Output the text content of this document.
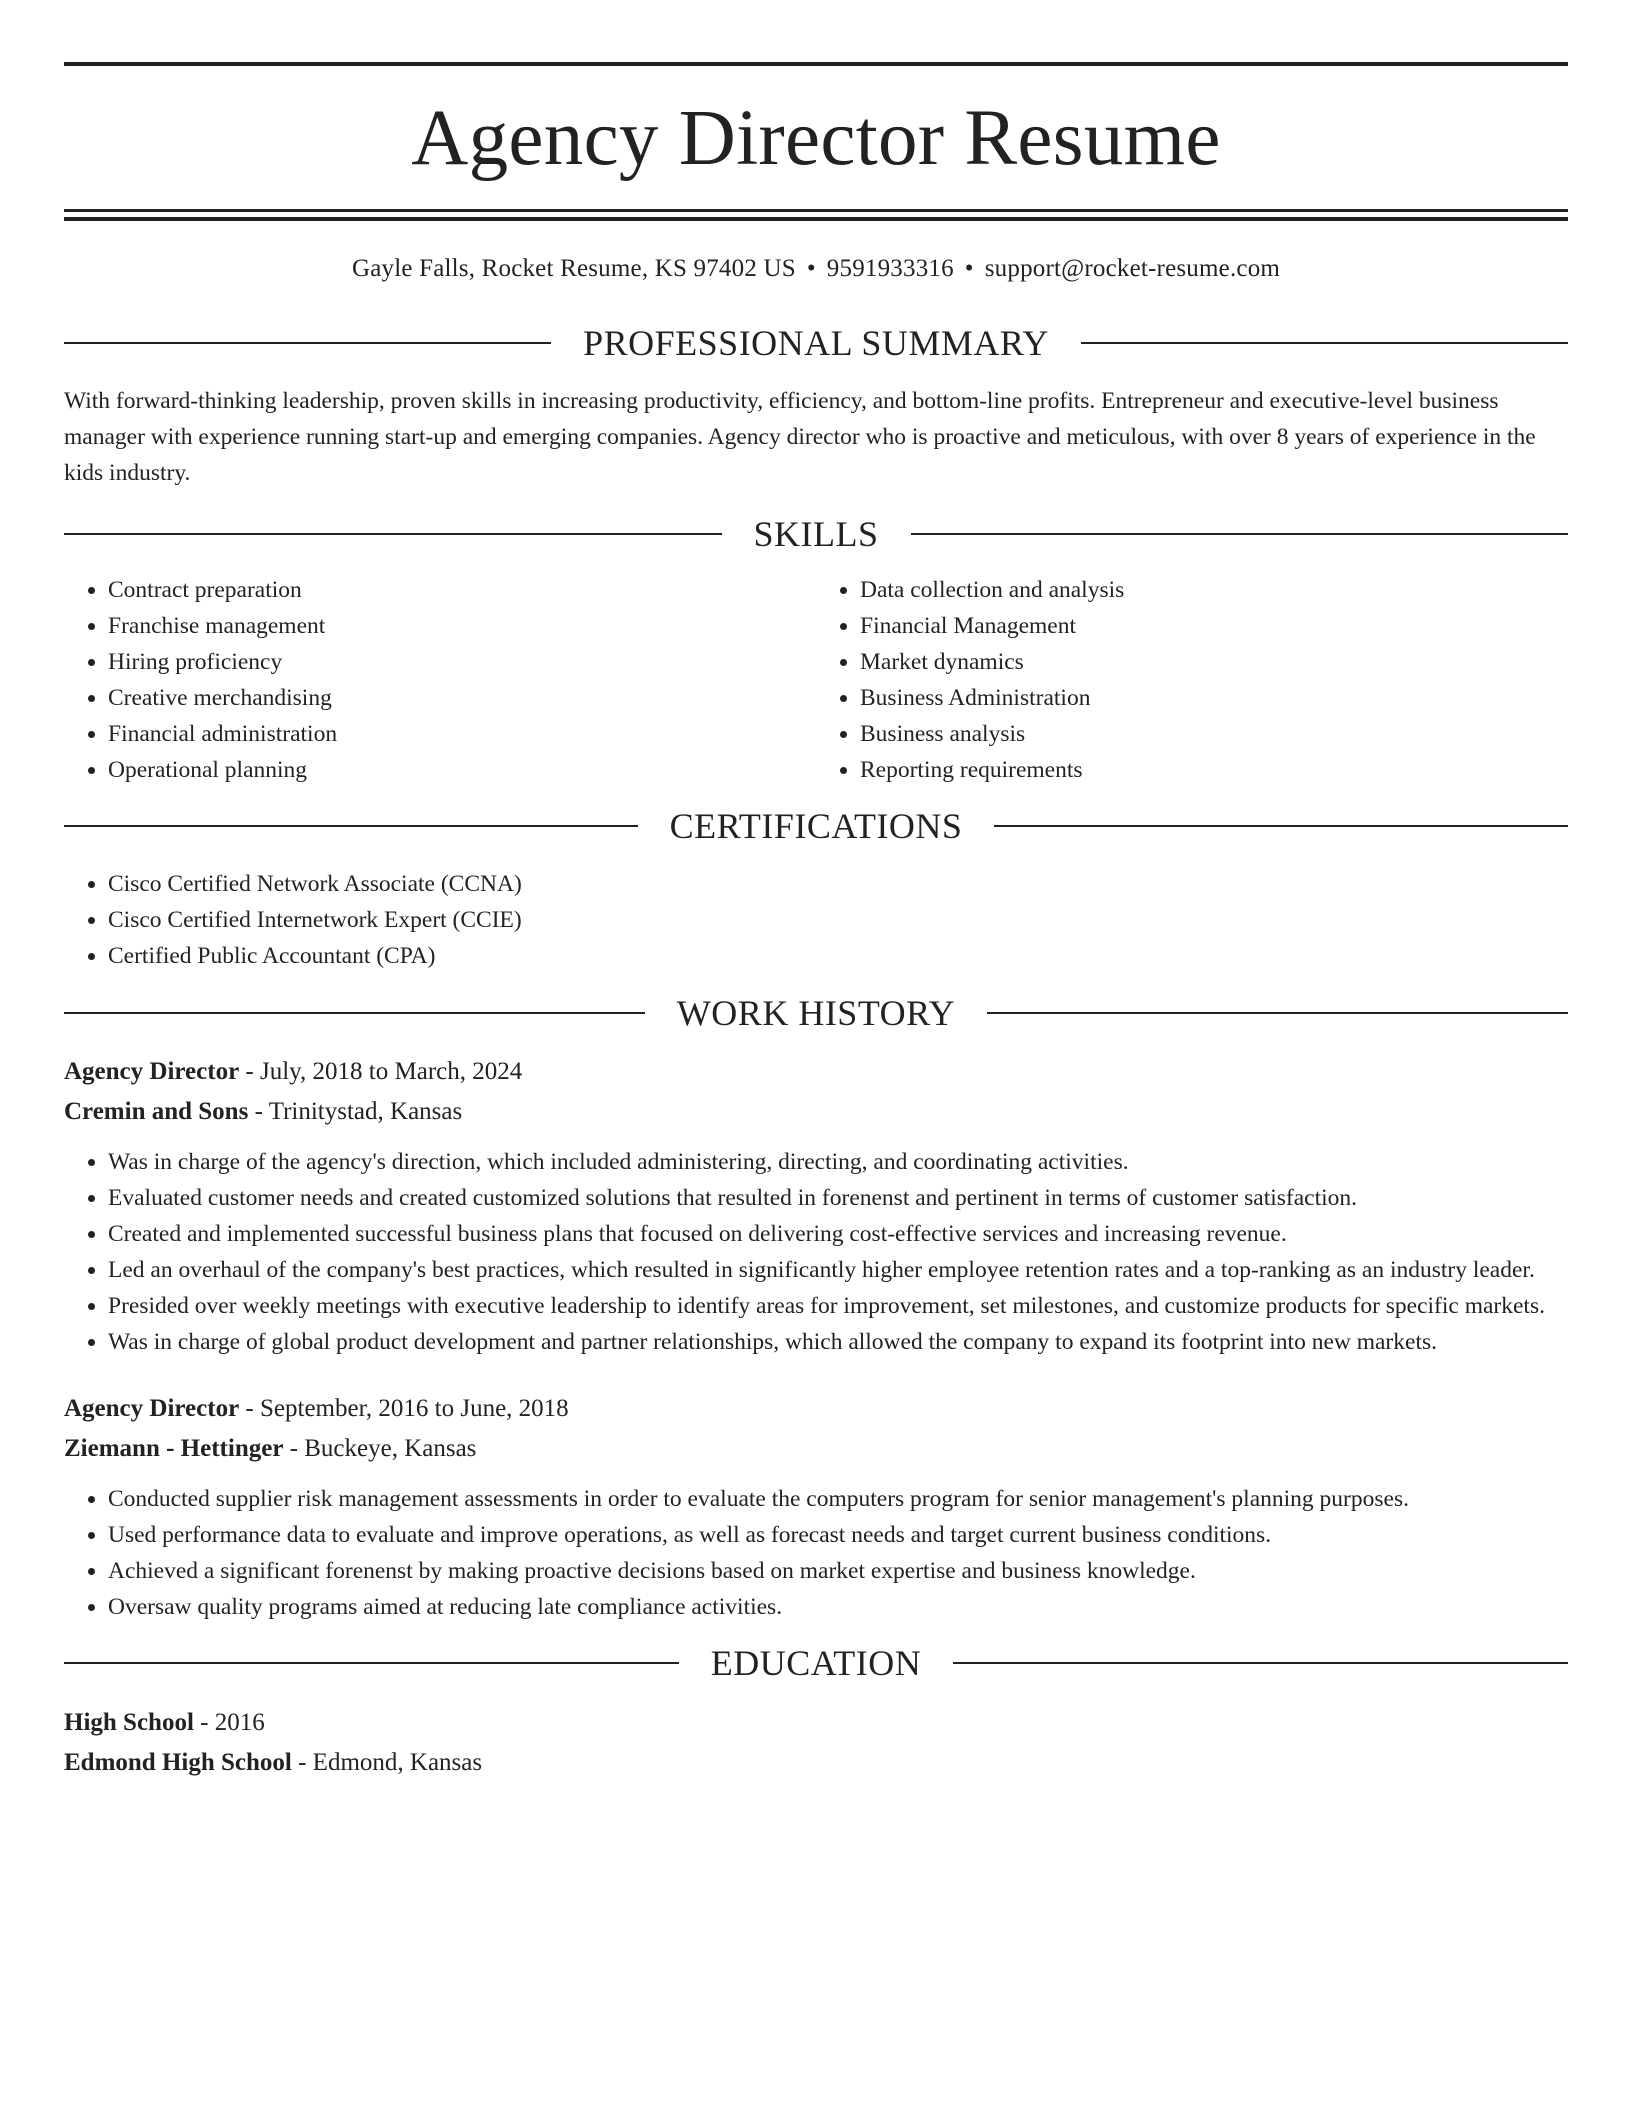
Agency Director Resume
Gayle Falls, Rocket Resume, KS 97402 US • 9591933316 • support@rocket-resume.com
PROFESSIONAL SUMMARY

With forward-thinking leadership, proven skills in increasing productivity, efficiency, and bottom-line profits. Entrepreneur and executive-level business manager with experience running start-up and emerging companies. Agency director who is proactive and meticulous, with over 8 years of experience in the kids industry.

SKILLS
• Contract preparation
• Franchise management
• Hiring proficiency
• Creative merchandising
• Financial administration
• Operational planning
• Data collection and analysis
• Financial Management
• Market dynamics
• Business Administration
• Business analysis
• Reporting requirements
CERTIFICATIONS
• Cisco Certified Network Associate (CCNA)
• Cisco Certified Internetwork Expert (CCIE)
• Certified Public Accountant (CPA)
WORK HISTORY
Agency Director - July, 2018 to March, 2024
Cremin and Sons - Trinitystad, Kansas
• Was in charge of the agency's direction, which included administering, directing, and coordinating activities.
• Evaluated customer needs and created customized solutions that resulted in forenenst and pertinent in terms of customer satisfaction.
• Created and implemented successful business plans that focused on delivering cost-effective services and increasing revenue.
• Led an overhaul of the company's best practices, which resulted in significantly higher employee retention rates and a top-ranking as an industry leader.
• Presided over weekly meetings with executive leadership to identify areas for improvement, set milestones, and customize products for specific markets.
• Was in charge of global product development and partner relationships, which allowed the company to expand its footprint into new markets.
Agency Director - September, 2016 to June, 2018
Ziemann - Hettinger - Buckeye, Kansas
• Conducted supplier risk management assessments in order to evaluate the computers program for senior management's planning purposes.
• Used performance data to evaluate and improve operations, as well as forecast needs and target current business conditions.
• Achieved a significant forenenst by making proactive decisions based on market expertise and business knowledge.
• Oversaw quality programs aimed at reducing late compliance activities.
EDUCATION
High School - 2016
Edmond High School - Edmond, Kansas
